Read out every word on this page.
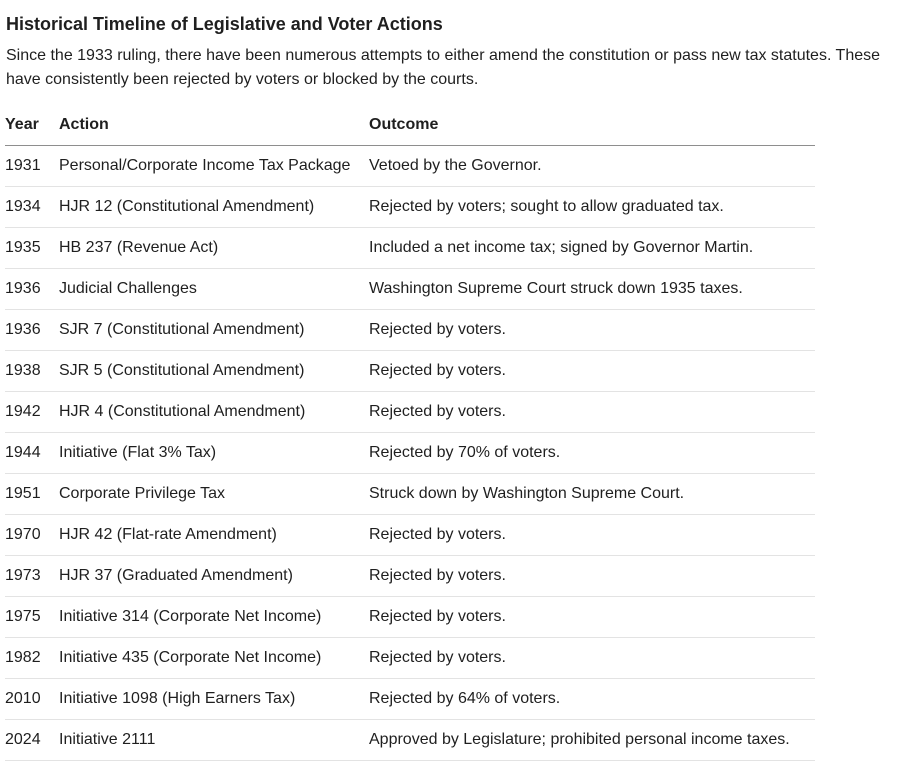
Historical Timeline of Legislative and Voter Actions

Since the 1933 ruling, there have been numerous attempts to either amend the constitution or pass new tax statutes. These have consistently been rejected by voters or blocked by the courts.

Year	Action	Outcome
1931	Personal/Corporate Income Tax Package	Vetoed by the Governor.
1934	HJR 12 (Constitutional Amendment)	Rejected by voters; sought to allow graduated tax.
1935	HB 237 (Revenue Act)	Included a net income tax; signed by Governor Martin.
1936	Judicial Challenges	Washington Supreme Court struck down 1935 taxes.
1936	SJR 7 (Constitutional Amendment)	Rejected by voters.
1938	SJR 5 (Constitutional Amendment)	Rejected by voters.
1942	HJR 4 (Constitutional Amendment)	Rejected by voters.
1944	Initiative (Flat 3% Tax)	Rejected by 70% of voters.
1951	Corporate Privilege Tax	Struck down by Washington Supreme Court.
1970	HJR 42 (Flat-rate Amendment)	Rejected by voters.
1973	HJR 37 (Graduated Amendment)	Rejected by voters.
1975	Initiative 314 (Corporate Net Income)	Rejected by voters.
1982	Initiative 435 (Corporate Net Income)	Rejected by voters.
2010	Initiative 1098 (High Earners Tax)	Rejected by 64% of voters.
2024	Initiative 2111	Approved by Legislature; prohibited personal income taxes.
